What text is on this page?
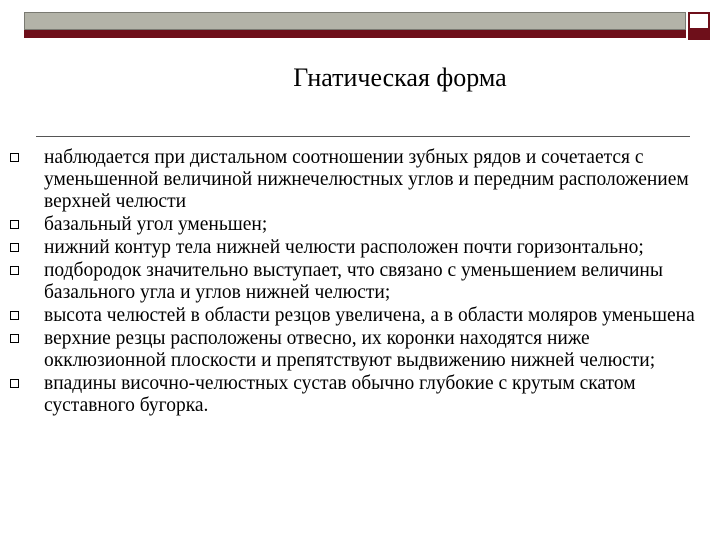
Гнатическая форма
наблюдается при дистальном соотношении зубных рядов и сочетается с уменьшенной величиной нижнечелюстных углов и передним расположением верхней челюсти
базальный угол уменьшен;
нижний контур тела нижней челюсти расположен почти горизонтально;
подбородок значительно выступает, что связано с уменьшением величины базального угла и углов нижней челюсти;
высота челюстей в области резцов увеличена, а в области моляров уменьшена
верхние резцы расположены отвесно, их коронки находятся ниже окклюзионной плоскости и препятствуют выдвижению нижней челюсти;
впадины височно-челюстных сустав обычно глубокие с крутым скатом суставного бугорка.
